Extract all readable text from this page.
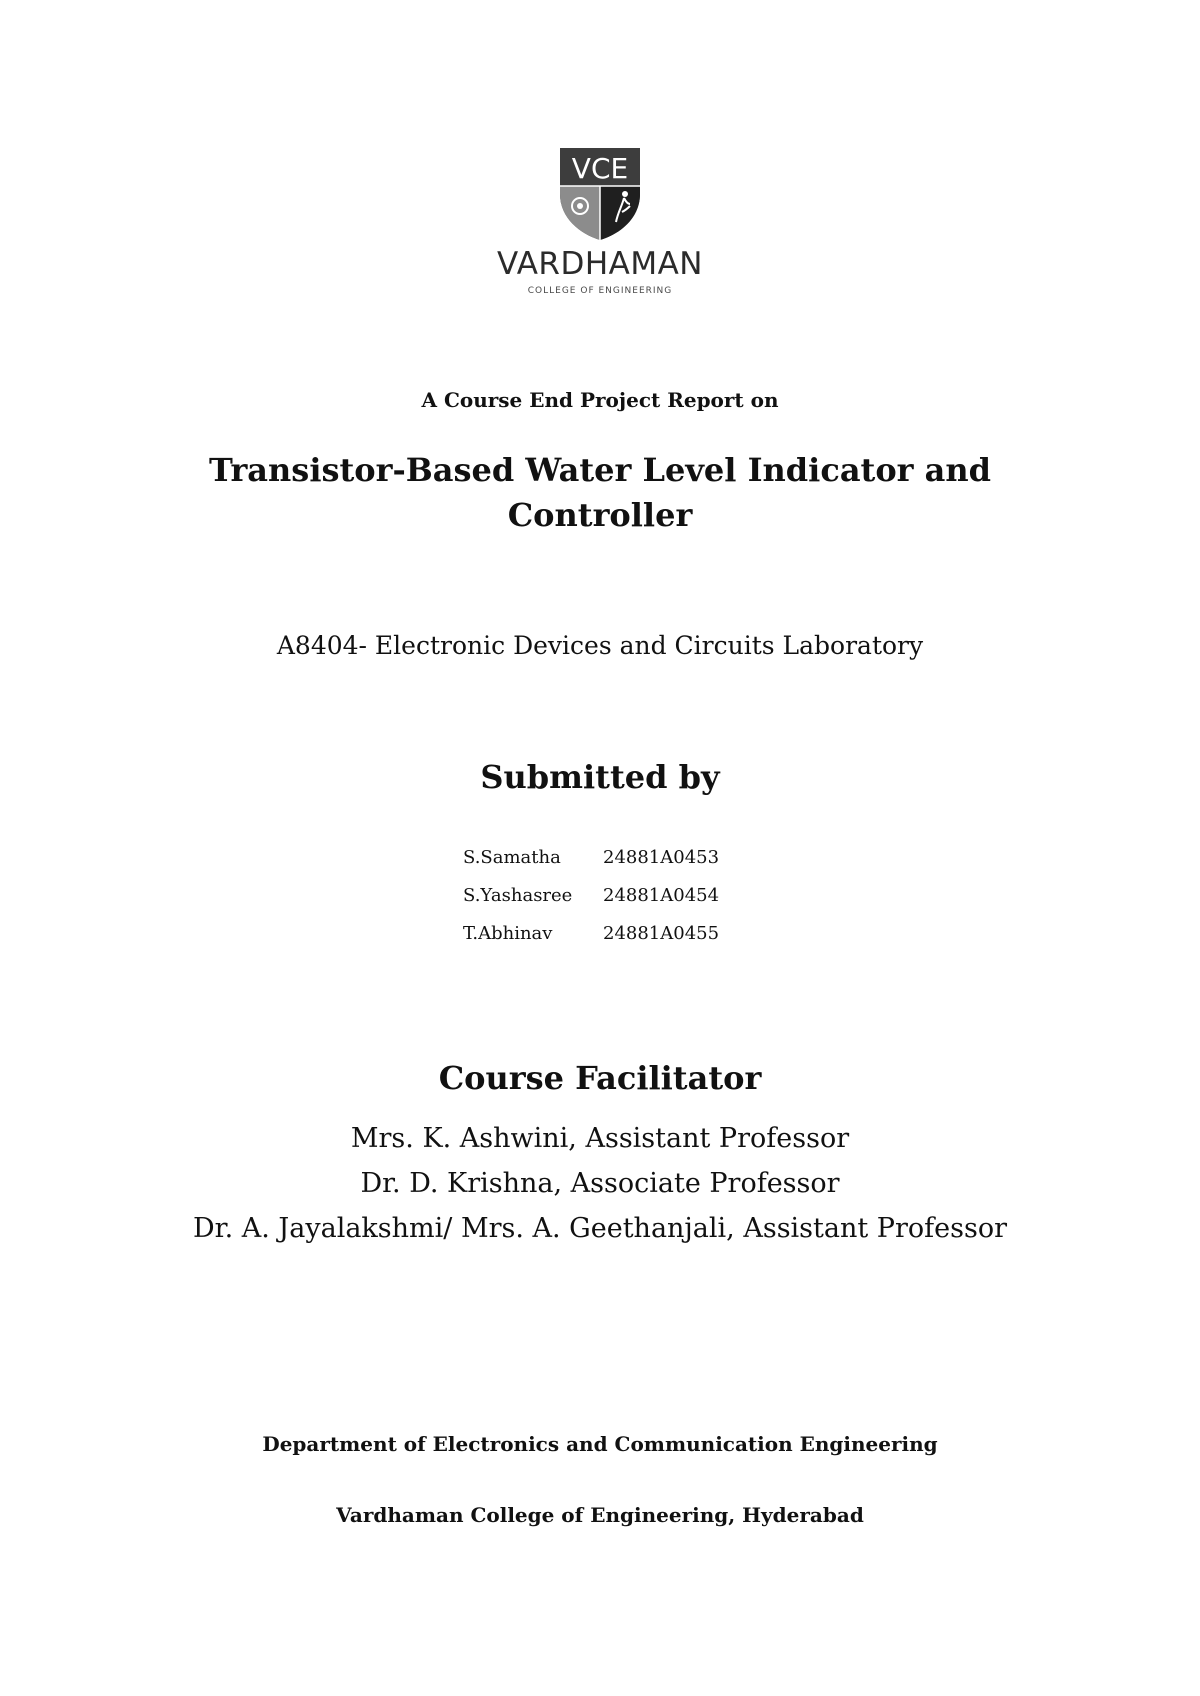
VCE
VARDHAMAN
COLLEGE OF ENGINEERING
A Course End Project Report on
Transistor-Based Water Level Indicator and
Controller
A8404- Electronic Devices and Circuits Laboratory
Submitted by
S.Samatha	24881A0453
S.Yashasree	24881A0454
T.Abhinav	24881A0455
Course Facilitator
Mrs. K. Ashwini, Assistant Professor
Dr. D. Krishna, Associate Professor
Dr. A. Jayalakshmi/ Mrs. A. Geethanjali, Assistant Professor
Department of Electronics and Communication Engineering
Vardhaman College of Engineering, Hyderabad
